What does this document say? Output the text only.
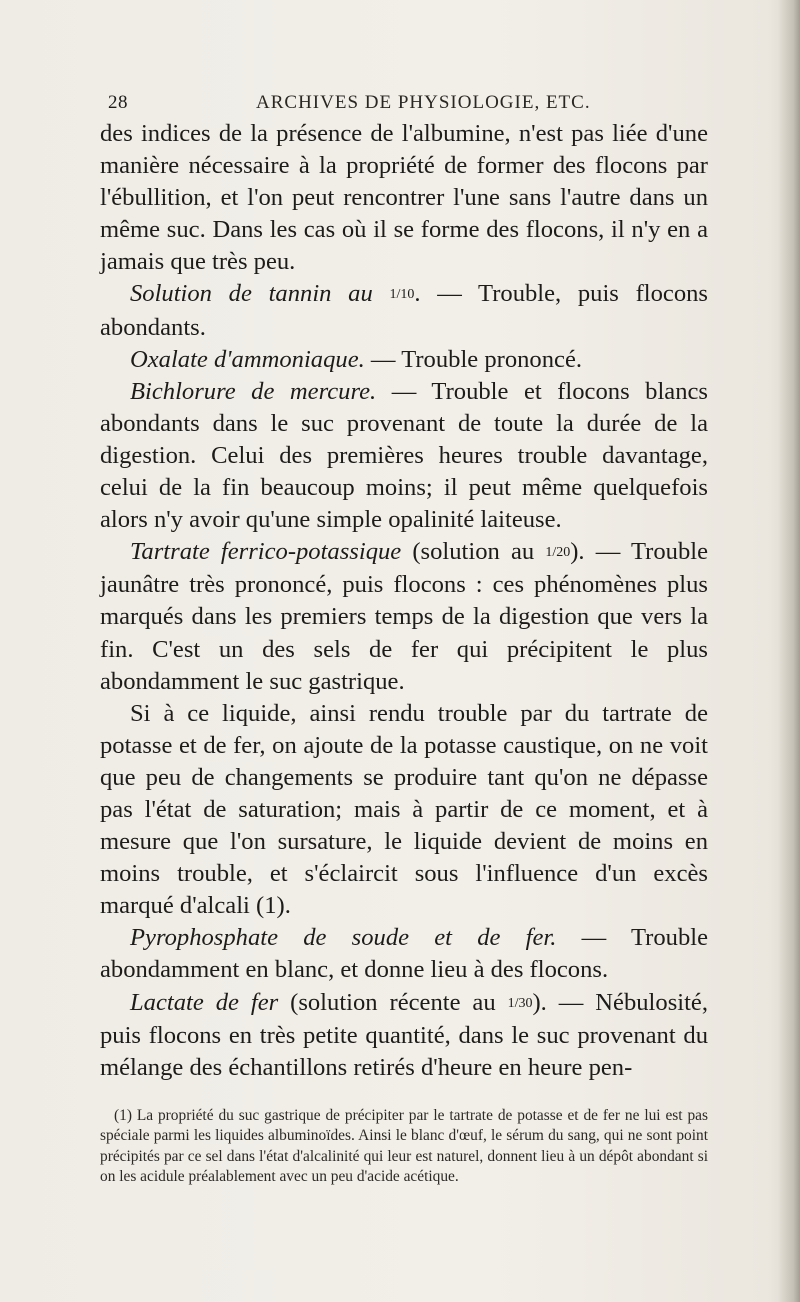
28	ARCHIVES DE PHYSIOLOGIE, ETC.

des indices de la présence de l'albumine, n'est pas liée d'une manière nécessaire à la propriété de former des flocons par l'ébullition, et l'on peut rencontrer l'une sans l'autre dans un même suc. Dans les cas où il se forme des flocons, il n'y en a jamais que très peu.

Solution de tannin au 1/10. — Trouble, puis flocons abondants.

Oxalate d'ammoniaque. — Trouble prononcé.

Bichlorure de mercure. — Trouble et flocons blancs abondants dans le suc provenant de toute la durée de la digestion. Celui des premières heures trouble davantage, celui de la fin beaucoup moins; il peut même quelquefois alors n'y avoir qu'une simple opalinité laiteuse.

Tartrate ferrico-potassique (solution au 1/20). — Trouble jaunâtre très prononcé, puis flocons : ces phénomènes plus marqués dans les premiers temps de la digestion que vers la fin. C'est un des sels de fer qui précipitent le plus abondamment le suc gastrique.

Si à ce liquide, ainsi rendu trouble par du tartrate de potasse et de fer, on ajoute de la potasse caustique, on ne voit que peu de changements se produire tant qu'on ne dépasse pas l'état de saturation; mais à partir de ce moment, et à mesure que l'on sursature, le liquide devient de moins en moins trouble, et s'éclaircit sous l'influence d'un excès marqué d'alcali (1).

Pyrophosphate de soude et de fer. — Trouble abondamment en blanc, et donne lieu à des flocons.

Lactate de fer (solution récente au 1/30). — Nébulosité, puis flocons en très petite quantité, dans le suc provenant du mélange des échantillons retirés d'heure en heure pen-

(1) La propriété du suc gastrique de précipiter par le tartrate de potasse et de fer ne lui est pas spéciale parmi les liquides albuminoïdes. Ainsi le blanc d'œuf, le sérum du sang, qui ne sont point précipités par ce sel dans l'état d'alcalinité qui leur est naturel, donnent lieu à un dépôt abondant si on les acidule préalablement avec un peu d'acide acétique.
